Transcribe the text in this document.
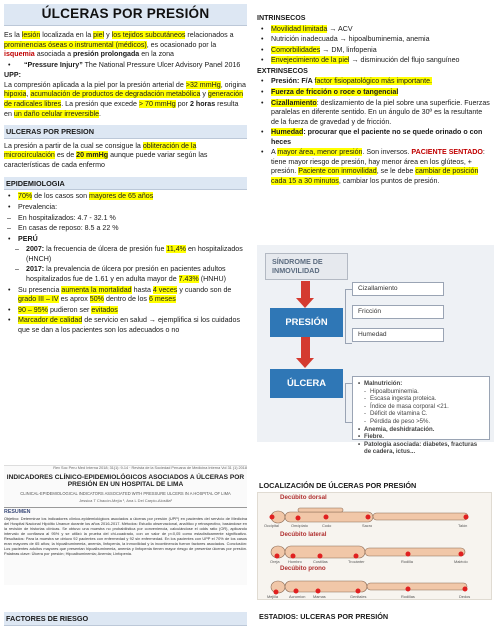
ÚLCERAS POR PRESIÓN
Es la lesión localizada en la piel y los tejidos subcutáneos relacionados a prominencias óseas o instrumental (médicos), es ocasionado por la isquemia asociada a presión prolongada en la zona
• “Pressure Injury” The National Pressure Ulcer Advisory Panel 2016
UPP:
La compresión aplicada a la piel por la presión arterial de >32 mmHg, origina hipoxia, acumulación de productos de degradación metabólica y generación de radicales libres. La presión que excede > 70 mmHg por 2 horas resulta en un daño celular irreversible.
ULCERAS POR PRESION
La presión a partir de la cual se consigue la obliteración de la microcirculación es de 20 mmHg aunque puede variar según las características de cada enfermo
EPIDEMIOLOGIA
• 70% de los casos son mayores de 65 años
• Prevalencia:
– En hospitalizados: 4.7 - 32.1 %
– En casas de reposo: 8.5 a 22 %
• PERÚ
– 2007: la frecuencia de úlcera de presión fue 11,4% en hospitalizados (HNCH)
– 2017: la prevalencia de úlcera por presión en pacientes adultos hospitalizados fue de 1.61 y en adulta mayor de 7.43% (HNHU)
• Su presencia aumenta la mortalidad hasta 4 veces y cuando son de grado III – IV es aprox 50% dentro de los 6 meses
• 90 – 95% pudieron ser evitados
• Marcador de calidad de servicio en salud → ejemplifica si los cuidados que se dan a los pacientes son los adecuados o no
Rev Soc Peru Med Interna 2018; 31(1): 9-14 · Revista de la Sociedad Peruana de Medicina Interna Vol 31 (1) 2018
INDICADORES CLÍNICO-EPIDEMIOLÓGICOS ASOCIADOS A ÚLCERAS POR PRESIÓN EN UN HOSPITAL DE LIMA
CLINICAL-EPIDEMIOLOGICAL INDICATORS ASSOCIATED WITH PRESSURE ULCERS IN A HOSPITAL OF LIMA
Jessica T Chacón-Mejía ¹, Ana L Del Carpio-Alosilla²
RESUMEN
Objetivo: Determinar los indicadores clínico-epidemiológicos asociados a úlceras por presión (UPP) en pacientes del servicio de Medicina del Hospital Nacional Hipólito Unanue durante los años 2016-2017. Métodos: Estudio observacional, analítico y retrospectivo, basándose en la revisión de historias clínicas. Se obtuvo una muestra no probabilística por conveniencia, calculándose el odds ratio (OR), aplicando intervalo de confianza al 95% y se utilizó la prueba del chi-cuadrado, con un valor de p<0,05 como estadísticamente significativo. Resultados: Para la muestra se obtuvo 92 pacientes con enfermedad y 92 sin enfermedad. En los pacientes con UPP el 70% de los casos eran mayores de 65 años; la hipoalbuminemia, anemia, linfopenia, la inmovilidad y la incontinencia fueron factores asociados. Conclusión: Los pacientes adultos mayores que presentan hipoalbuminemia, anemia y linfopenia tienen mayor riesgo de presentar úlceras por presión. Palabras clave: Úlcera por presión; Hipoalbuminemia; Anemia; Linfopenia.
FACTORES DE RIESGO
INTRINSECOS
• Movilidad limitada → ACV
• Nutrición inadecuada → hipoalbuminemia, anemia
• Comorbilidades → DM, linfopenia
• Envejecimiento de la piel → disminución del flujo sanguíneo
EXTRINSECOS
• Presión: F/A factor fisiopatológico más importante.
• Fuerza de fricción o roce o tangencial
• Cizallamiento: deslizamiento de la piel sobre una superficie. Fuerzas paralelas en diferente sentido. En un ángulo de 30º es la resultante de la fuerza de gravedad y de fricción.
• Humedad: procurar que el paciente no se quede orinado o con heces
• A mayor área, menor presión. Son inversos. PACIENTE SENTADO: tiene mayor riesgo de presión, hay menor área en los glúteos, + presión. Paciente con inmovilidad, se le debe cambiar de posición cada 15 a 30 minutos, cambiar los puntos de presión.
SÍNDROME DE INMOVILIDAD
PRESIÓN
ÚLCERA
Cizallamiento
Fricción
Humedad
• Malnutrición:
- Hipoalbuminemia.
- Escasa ingesta proteica.
- Índice de masa corporal <21.
- Déficit de vitamina C.
- Pérdida de peso >5%.
• Anemia, deshidratación.
• Fiebre.
• Patología asociada: diabetes, fracturas de cadera, ictus...
LOCALIZACIÓN DE ÚLCERAS POR PRESIÓN
Decúbito dorsal
Decúbito lateral
Decúbito prono
Occipital	Omóplato	Codo	Sacro	Talón
Oreja Hombro	Costillas	Trocánter	Rodilla	Maléolo
Mejilla	Acromion Mamas	Genitales	Rodillas	Dedos
ESTADIOS: ULCERAS POR PRESIÓN
